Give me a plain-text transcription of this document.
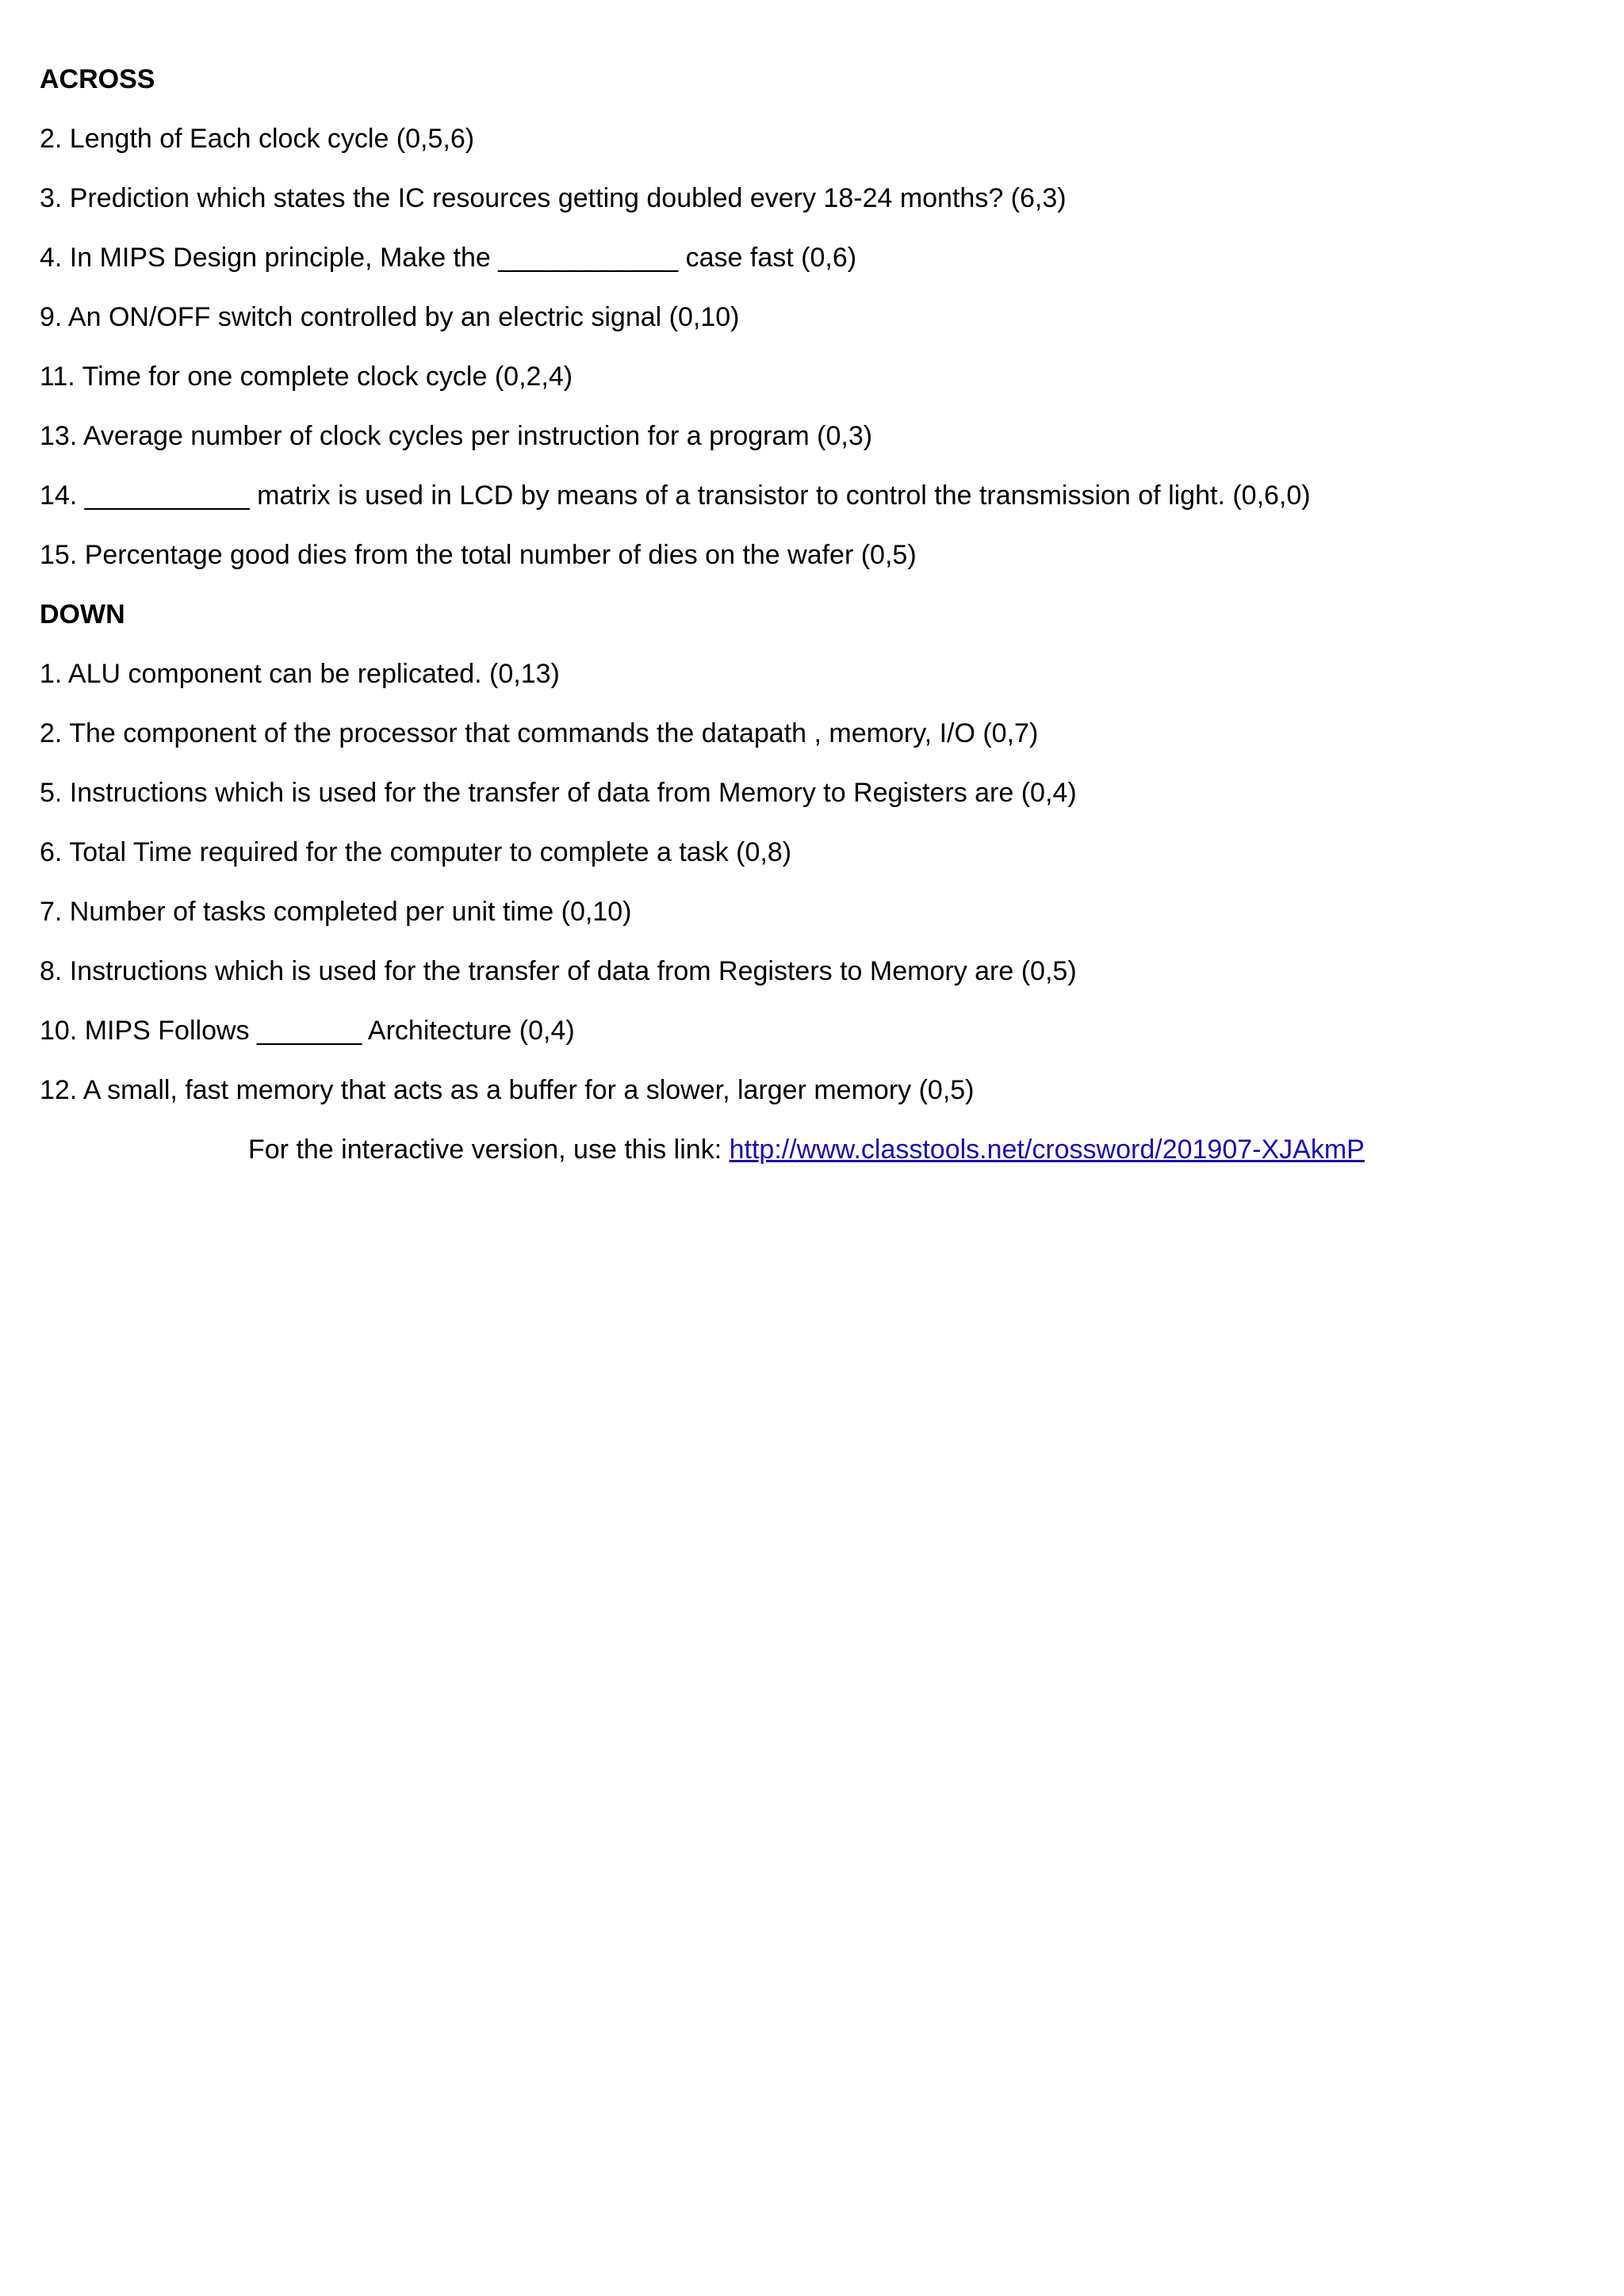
ACROSS
2. Length of Each clock cycle (0,5,6)
3. Prediction which states the IC resources getting doubled every 18-24 months? (6,3)
4. In MIPS Design principle, Make the ____________ case fast (0,6)
9. An ON/OFF switch controlled by an electric signal (0,10)
11. Time for one complete clock cycle (0,2,4)
13. Average number of clock cycles per instruction for a program (0,3)
14. ___________ matrix is used in LCD by means of a transistor to control the transmission of light. (0,6,0)
15. Percentage good dies from the total number of dies on the wafer (0,5)
DOWN
1. ALU component can be replicated. (0,13)
2. The component of the processor that commands the datapath , memory, I/O (0,7)
5. Instructions which is used for the transfer of data from Memory to Registers are (0,4)
6. Total Time required for the computer to complete a task (0,8)
7. Number of tasks completed per unit time (0,10)
8. Instructions which is used for the transfer of data from Registers to Memory are (0,5)
10. MIPS Follows _______ Architecture (0,4)
12. A small, fast memory that acts as a buffer for a slower, larger memory (0,5)
For the interactive version, use this link: http://www.classtools.net/crossword/201907-XJAkmP
